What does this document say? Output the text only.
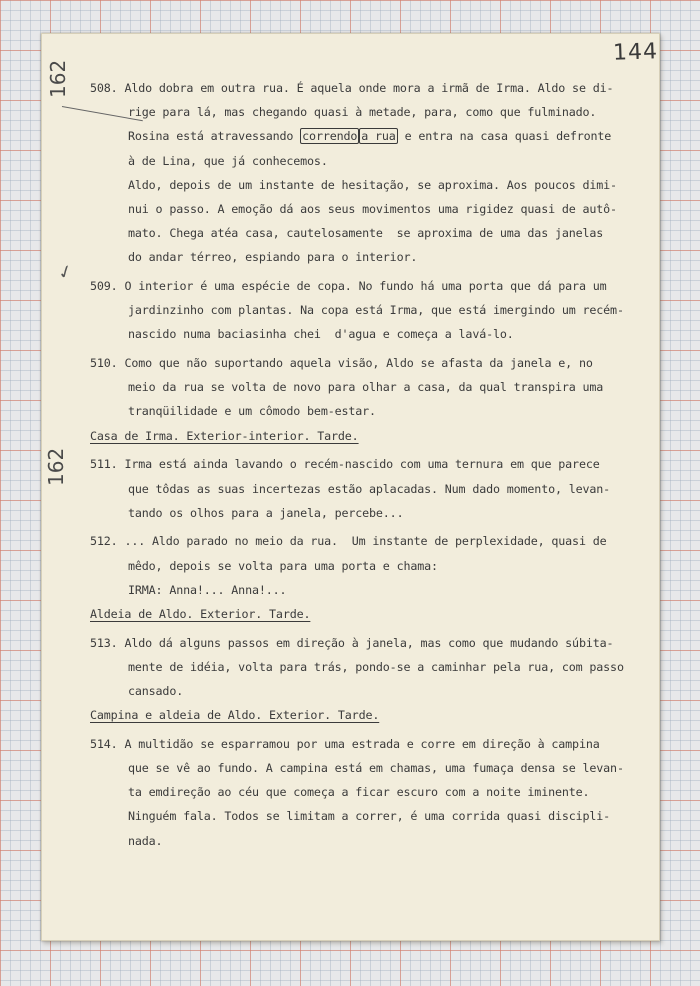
144
162
162
✓
508. Aldo dobra em outra rua. É aquela onde mora a irmã de Irma. Aldo se di-
rige para lá, mas chegando quasi à metade, para, como que fulminado.
Rosina está atravessando correndo a rua e entra na casa quasi defronte
à de Lina, que já conhecemos.
Aldo, depois de um instante de hesitação, se aproxima. Aos poucos dimi-
nui o passo. A emoção dá aos seus movimentos uma rigidez quasi de autô-
mato. Chega atéa casa, cautelosamente  se aproxima de uma das janelas
do andar térreo, espiando para o interior.
509. O interior é uma espécie de copa. No fundo há uma porta que dá para um
jardinzinho com plantas. Na copa está Irma, que está imergindo um recém-
nascido numa baciasinha chei  d'agua e começa a lavá-lo.
510. Como que não suportando aquela visão, Aldo se afasta da janela e, no
meio da rua se volta de novo para olhar a casa, da qual transpira uma
tranqüilidade e um cômodo bem-estar.
Casa de Irma. Exterior-interior. Tarde.
511. Irma está ainda lavando o recém-nascido com uma ternura em que parece
que tôdas as suas incertezas estão aplacadas. Num dado momento, levan-
tando os olhos para a janela, percebe...
512. ... Aldo parado no meio da rua.  Um instante de perplexidade, quasi de
mêdo, depois se volta para uma porta e chama:
IRMA: Anna!... Anna!...
Aldeia de Aldo. Exterior. Tarde.
513. Aldo dá alguns passos em direção à janela, mas como que mudando súbita-
mente de idéia, volta para trás, pondo-se a caminhar pela rua, com passo
cansado.
Campina e aldeia de Aldo. Exterior. Tarde.
514. A multidão se esparramou por uma estrada e corre em direção à campina
que se vê ao fundo. A campina está em chamas, uma fumaça densa se levan-
ta emdireção ao céu que começa a ficar escuro com a noite iminente.
Ninguém fala. Todos se limitam a correr, é uma corrida quasi discipli-
nada.
